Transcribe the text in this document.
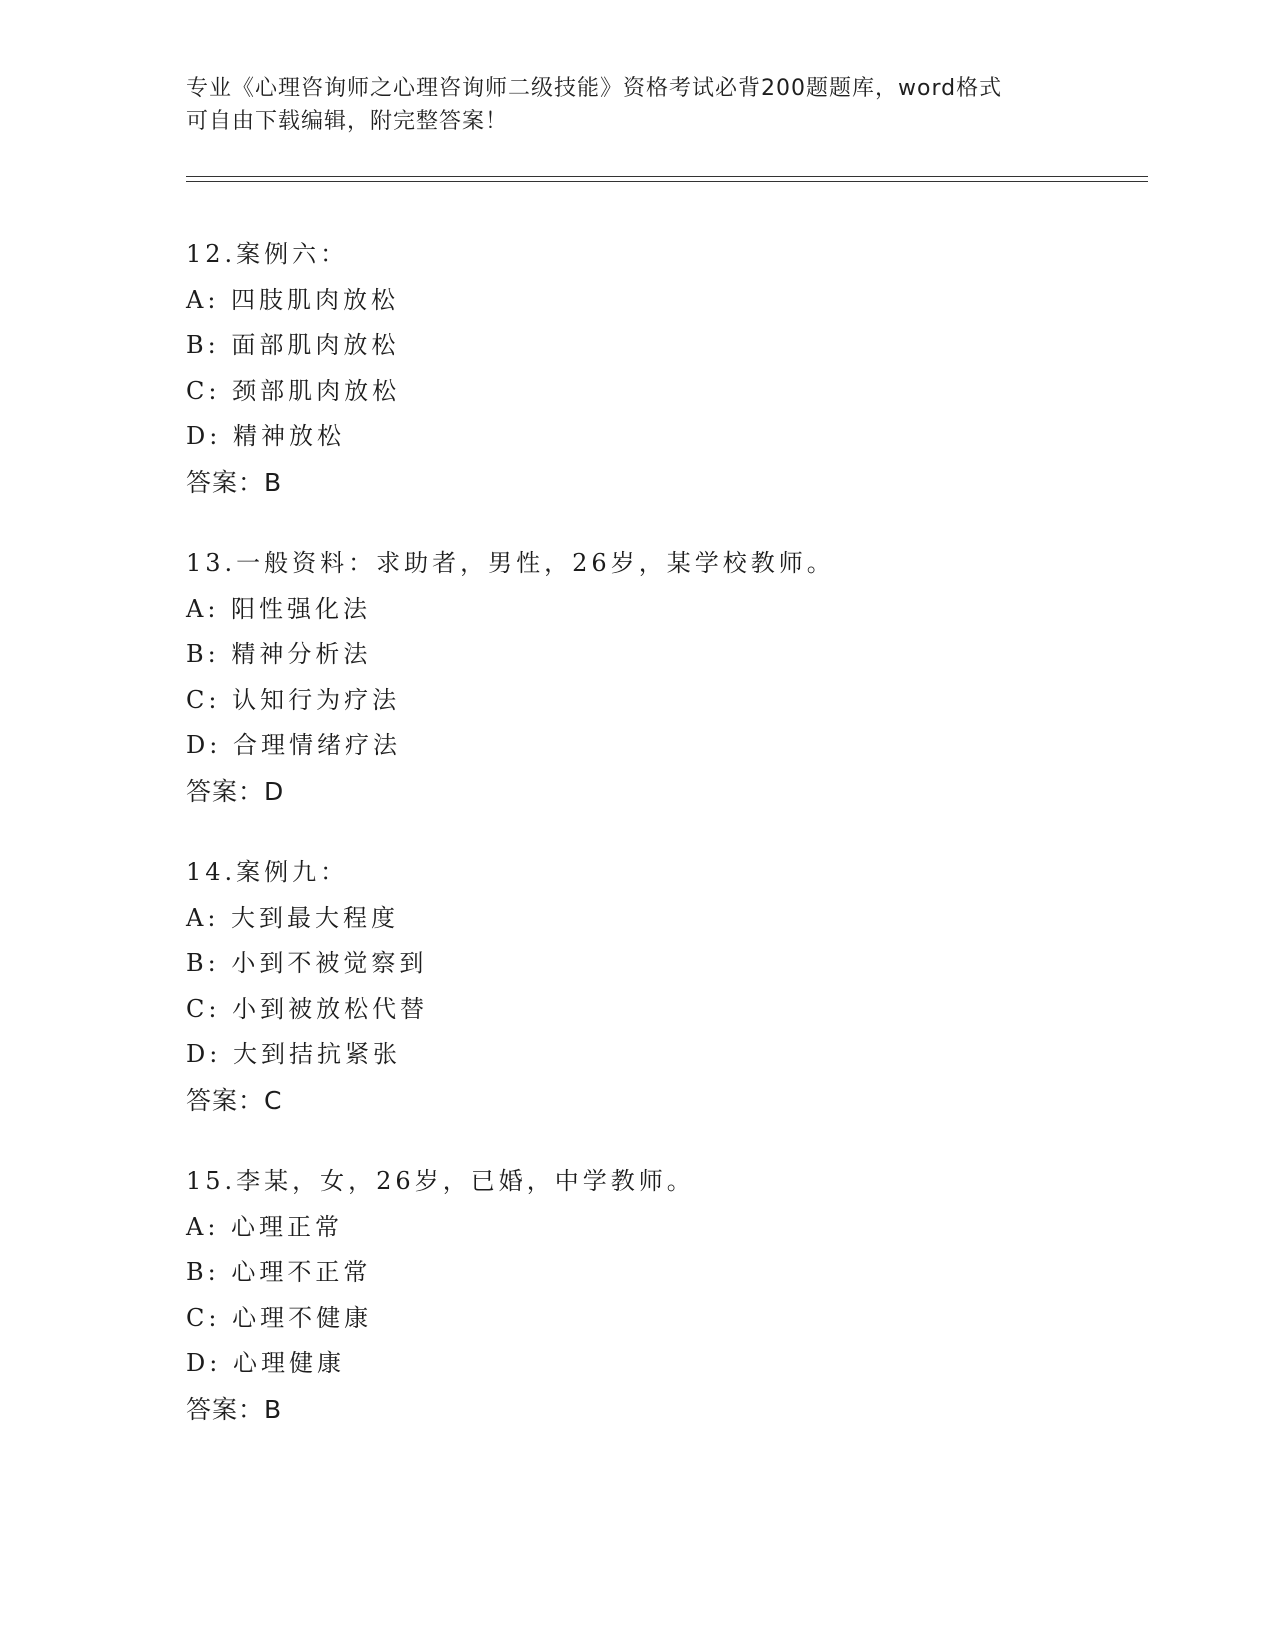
专业《心理咨询师之心理咨询师二级技能》资格考试必背200题题库，word格式
可自由下载编辑，附完整答案！
12.案例六：
A: 四肢肌肉放松
B: 面部肌肉放松
C: 颈部肌肉放松
D: 精神放松
答案：B
13.一般资料：求助者，男性，26岁，某学校教师。
A: 阳性强化法
B: 精神分析法
C: 认知行为疗法
D: 合理情绪疗法
答案：D
14.案例九：
A: 大到最大程度
B: 小到不被觉察到
C: 小到被放松代替
D: 大到拮抗紧张
答案：C
15.李某，女，26岁，已婚，中学教师。
A: 心理正常
B: 心理不正常
C: 心理不健康
D: 心理健康
答案：B
